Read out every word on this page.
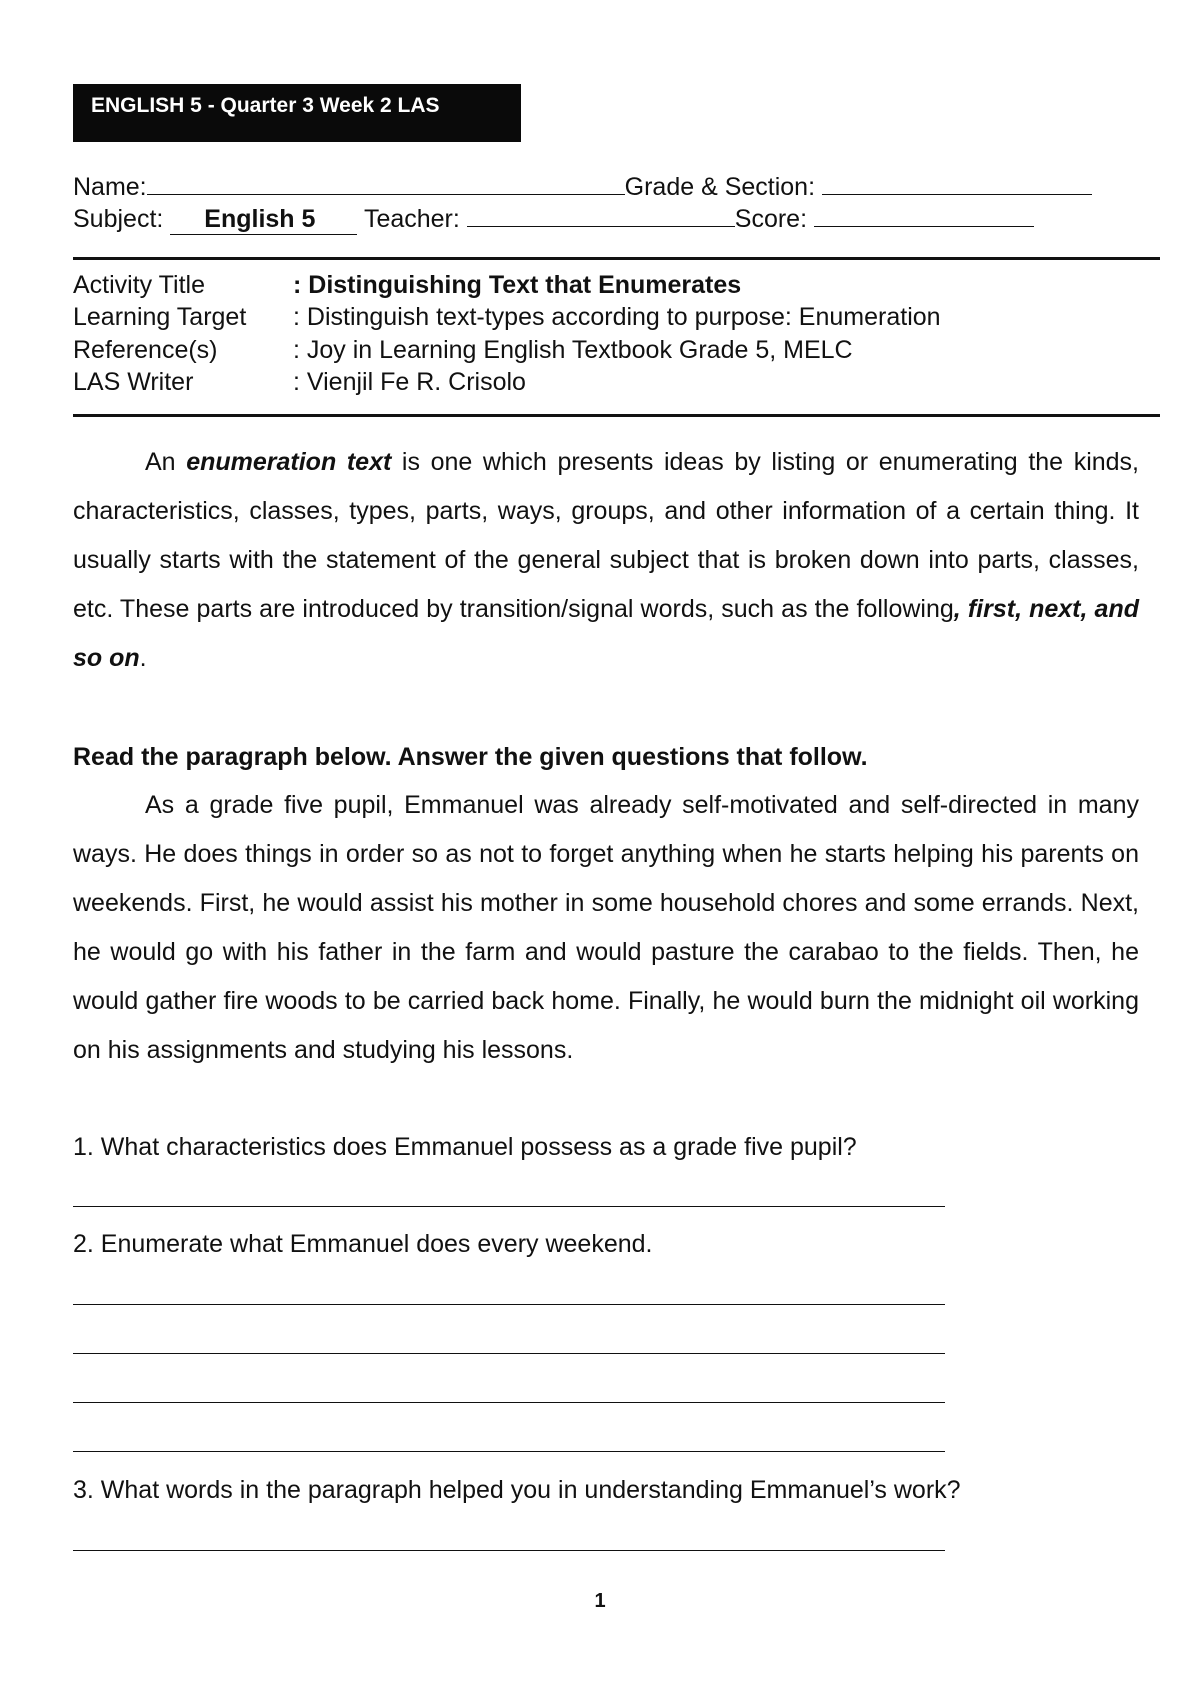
ENGLISH 5 - Quarter 3 Week 2 LAS
Name:	Grade & Section:
Subject: English 5 Teacher:	Score:
Activity Title	: Distinguishing Text that Enumerates
Learning Target : Distinguish text-types according to purpose: Enumeration
Reference(s)	: Joy in Learning English Textbook Grade 5, MELC
LAS Writer	: Vienjil Fe R. Crisolo

An enumeration text is one which presents ideas by listing or enumerating the kinds, characteristics, classes, types, parts, ways, groups, and other information of a certain thing. It usually starts with the statement of the general subject that is broken down into parts, classes, etc. These parts are introduced by transition/signal words, such as the following, first, next, and so on.

Read the paragraph below. Answer the given questions that follow.

As a grade five pupil, Emmanuel was already self-motivated and self-directed in many ways. He does things in order so as not to forget anything when he starts helping his parents on weekends. First, he would assist his mother in some household chores and some errands. Next, he would go with his father in the farm and would pasture the carabao to the fields. Then, he would gather fire woods to be carried back home. Finally, he would burn the midnight oil working on his assignments and studying his lessons.

1. What characteristics does Emmanuel possess as a grade five pupil?
2. Enumerate what Emmanuel does every weekend.
3. What words in the paragraph helped you in understanding Emmanuel’s work?
1
